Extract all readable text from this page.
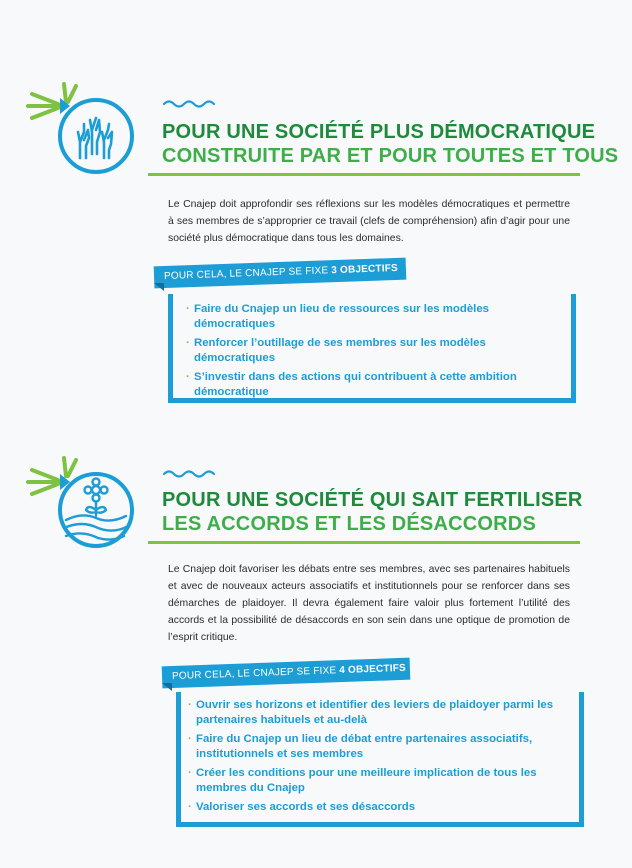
POUR UNE SOCIÉTÉ PLUS DÉMOCRATIQUE
CONSTRUITE PAR ET POUR TOUTES ET TOUS
Le Cnajep doit approfondir ses réflexions sur les modèles démocratiques et permettre à ses membres de s’approprier ce travail (clefs de compréhension) afin d’agir pour une société plus démocratique dans tous les domaines.
POUR CELA, LE CNAJEP SE FIXE 3 OBJECTIFS
· Faire du Cnajep un lieu de ressources sur les modèles démocratiques
· Renforcer l’outillage de ses membres sur les modèles démocratiques
· S’investir dans des actions qui contribuent à cette ambition démocratique
POUR UNE SOCIÉTÉ QUI SAIT FERTILISER
LES ACCORDS ET LES DÉSACCORDS
Le Cnajep doit favoriser les débats entre ses membres, avec ses partenaires habituels et avec de nouveaux acteurs associatifs et institutionnels pour se renforcer dans ses démarches de plaidoyer. Il devra également faire valoir plus fortement l’utilité des accords et la possibilité de désaccords en son sein dans une optique de promotion de l’esprit critique.
POUR CELA, LE CNAJEP SE FIXE 4 OBJECTIFS
· Ouvrir ses horizons et identifier des leviers de plaidoyer parmi les partenaires habituels et au-delà
· Faire du Cnajep un lieu de débat entre partenaires associatifs, institutionnels et ses membres
· Créer les conditions pour une meilleure implication de tous les membres du Cnajep
· Valoriser ses accords et ses désaccords
